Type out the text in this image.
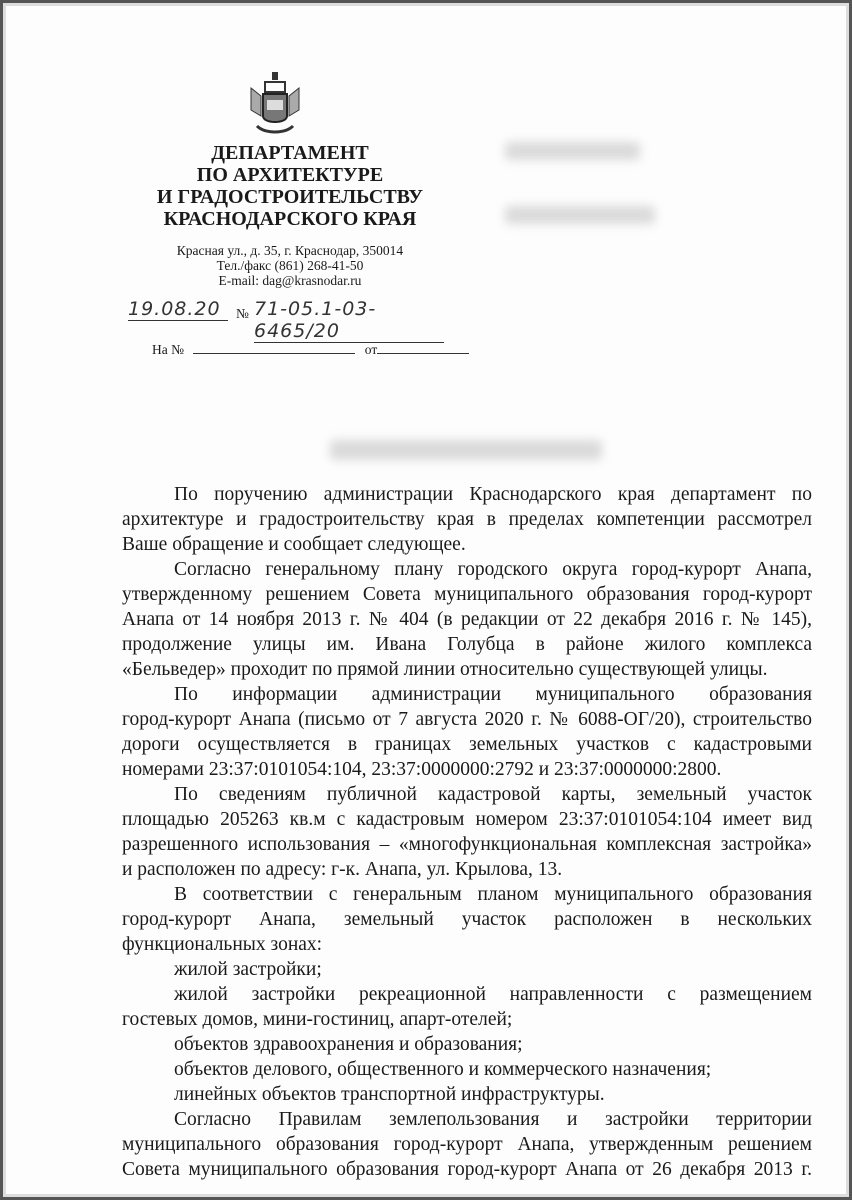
ДЕПАРТАМЕНТ
ПО АРХИТЕКТУРЕ
И ГРАДОСТРОИТЕЛЬСТВУ
КРАСНОДАРСКОГО КРАЯ
Красная ул., д. 35, г. Краснодар, 350014
Тел./факс (861) 268-41-50
E-mail: dag@krasnodar.ru
19.08.20	№ 71-05.1-03-6465/20
На №	от
По поручению администрации Краснодарского края департамент по
архитектуре и градостроительству края в пределах компетенции рассмотрел
Ваше обращение и сообщает следующее.
Согласно генеральному плану городского округа город-курорт Анапа,
утвержденному решением Совета муниципального образования город-курорт
Анапа от 14 ноября 2013 г. № 404 (в редакции от 22 декабря 2016 г. № 145),
продолжение улицы им. Ивана Голубца в районе жилого комплекса
«Бельведер» проходит по прямой линии относительно существующей улицы.
По информации администрации муниципального образования
город-курорт Анапа (письмо от 7 августа 2020 г. № 6088-ОГ/20), строительство
дороги осуществляется в границах земельных участков с кадастровыми
номерами 23:37:0101054:104, 23:37:0000000:2792 и 23:37:0000000:2800.
По сведениям публичной кадастровой карты, земельный участок
площадью 205263 кв.м с кадастровым номером 23:37:0101054:104 имеет вид
разрешенного использования – «многофункциональная комплексная застройка»
и расположен по адресу: г-к. Анапа, ул. Крылова, 13.
В соответствии с генеральным планом муниципального образования
город-курорт Анапа, земельный участок расположен в нескольких
функциональных зонах:
жилой застройки;
жилой застройки рекреационной направленности с размещением
гостевых домов, мини-гостиниц, апарт-отелей;
объектов здравоохранения и образования;
объектов делового, общественного и коммерческого назначения;
линейных объектов транспортной инфраструктуры.
Согласно Правилам землепользования и застройки территории
муниципального образования город-курорт Анапа, утвержденным решением
Совета муниципального образования город-курорт Анапа от 26 декабря 2013 г.
